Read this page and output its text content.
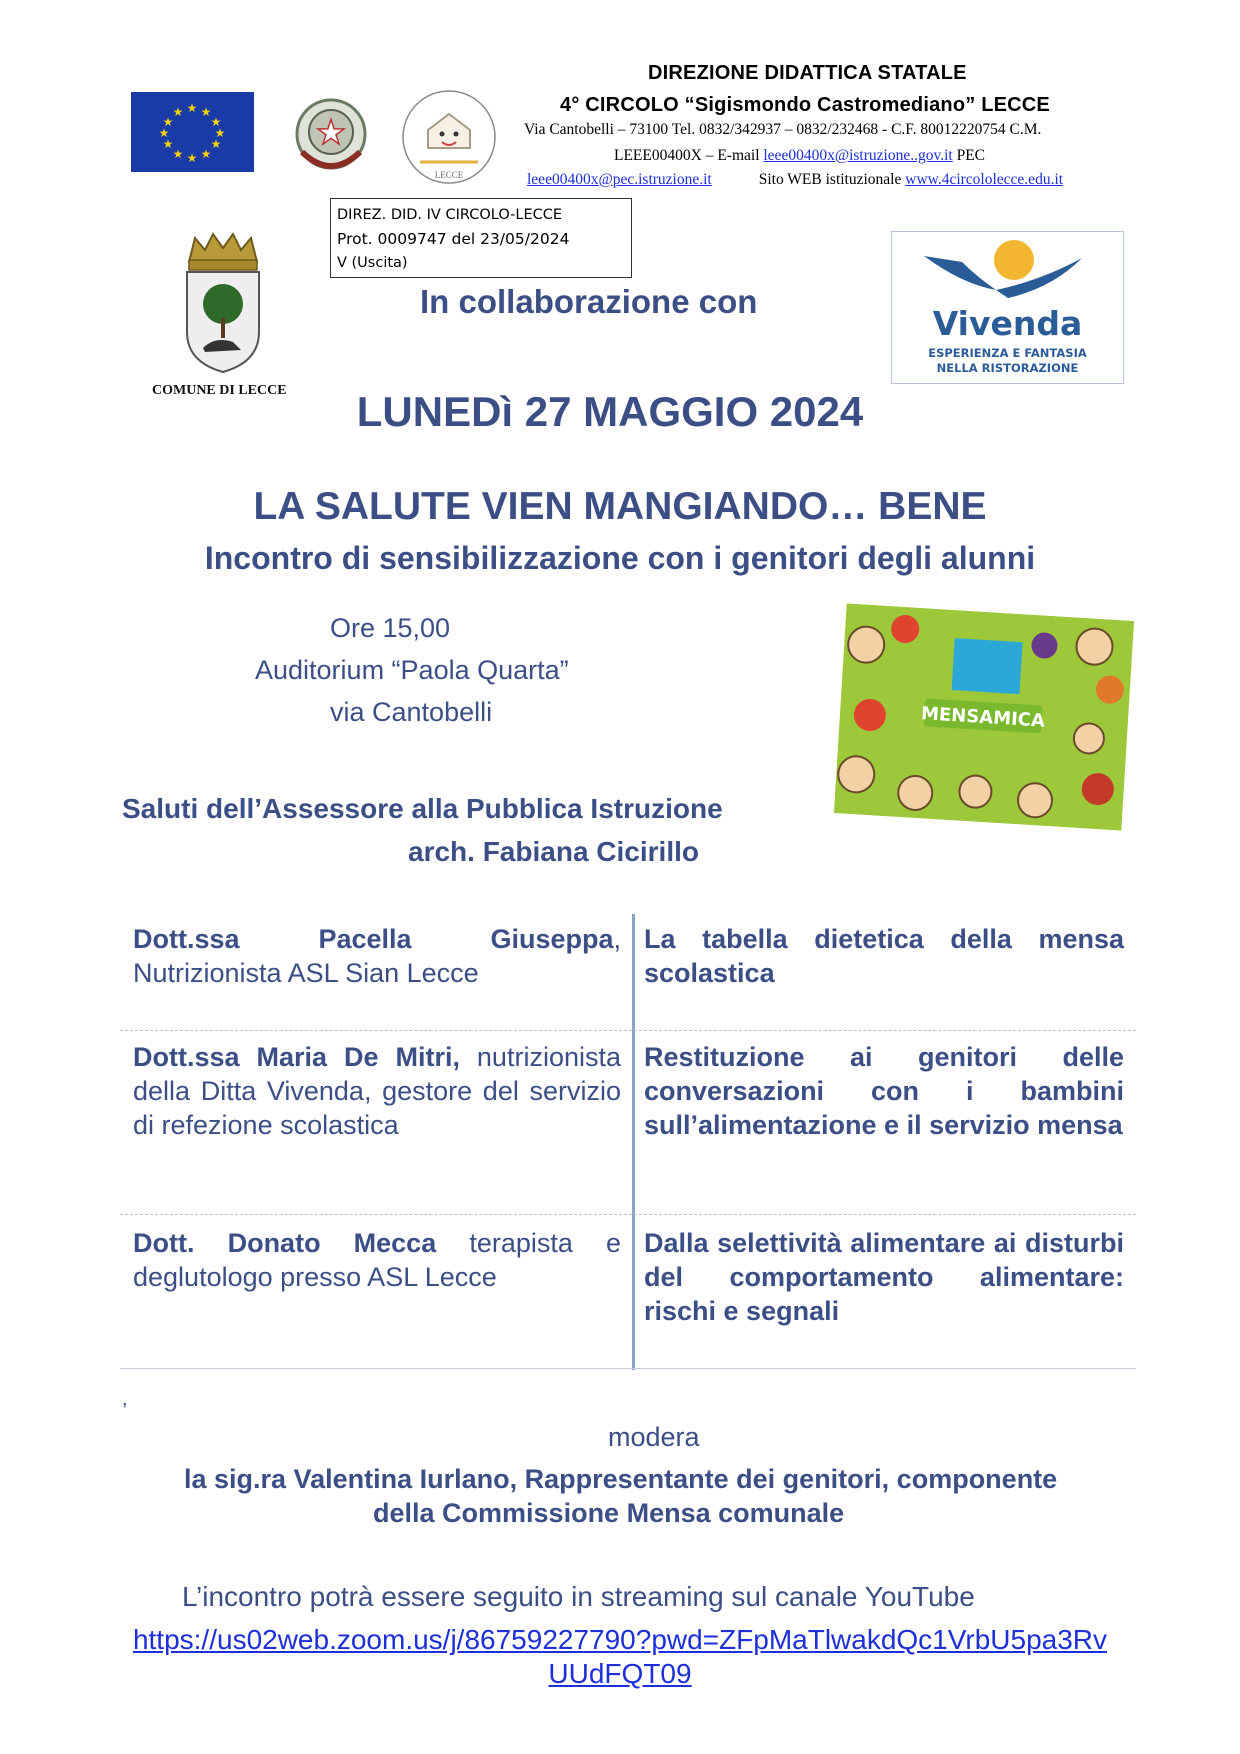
★ ★
★
★
★
★
★
★
★
★
★
★
★
LECCE
DIREZIONE DIDATTICA STATALE
4° CIRCOLO “Sigismondo Castromediano” LECCE
Via Cantobelli – 73100 Tel. 0832/342937 – 0832/232468 - C.F. 80012220754 C.M.
LEEE00400X – E-mail leee00400x@istruzione..gov.it PEC
leee00400x@pec.istruzione.it	Sito WEB istituzionale www.4circololecce.edu.it
DIREZ. DID. IV CIRCOLO-LECCE
Prot. 0009747 del 23/05/2024
V (Uscita)
COMUNE DI LECCE
In collaborazione con
Vivenda
ESPERIENZA E FANTASIA
NELLA RISTORAZIONE
LUNEDì 27 MAGGIO 2024
LA SALUTE VIEN MANGIANDO… BENE
Incontro di sensibilizzazione con i genitori degli alunni
Ore 15,00
Auditorium “Paola Quarta”
via Cantobelli	MENSAMICA
Saluti dell’Assessore alla Pubblica Istruzione
arch. Fabiana Cicirillo
Dott.ssa Pacella Giuseppa, Nutrizionista ASL Sian Lecce
La tabella dietetica della mensa scolastica
Dott.ssa Maria De Mitri, nutrizionista della Ditta Vivenda, gestore del servizio di refezione scolastica
Restituzione ai genitori delle conversazioni con i bambini sull’alimentazione e il servizio mensa
Dott. Donato Mecca terapista e deglutologo presso ASL Lecce
Dalla selettività alimentare ai disturbi del comportamento alimentare: rischi e segnali
,
modera
la sig.ra Valentina Iurlano, Rappresentante dei genitori, componente
della Commissione Mensa comunale
L’incontro potrà essere seguito in streaming sul canale YouTube
https://us02web.zoom.us/j/86759227790?pwd=ZFpMaTlwakdQc1VrbU5pa3Rv
UUdFQT09
